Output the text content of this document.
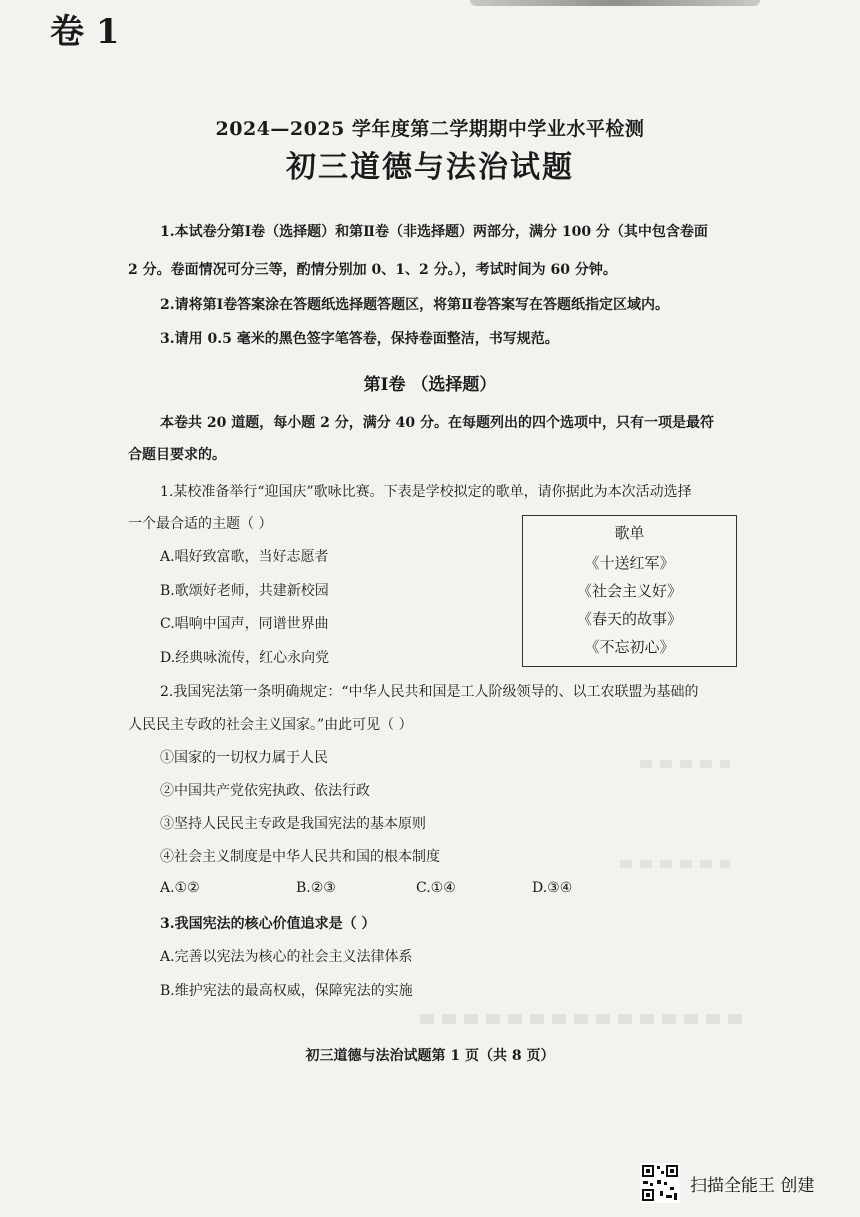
卷 1
2024—2025 学年度第二学期期中学业水平检测
初三道德与法治试题
1.本试卷分第Ⅰ卷（选择题）和第Ⅱ卷（非选择题）两部分，满分 100 分（其中包含卷面
2 分。卷面情况可分三等，酌情分别加 0、1、2 分。），考试时间为 60 分钟。
2.请将第Ⅰ卷答案涂在答题纸选择题答题区，将第Ⅱ卷答案写在答题纸指定区域内。
3.请用 0.5 毫米的黑色签字笔答卷，保持卷面整洁，书写规范。
第Ⅰ卷 （选择题）
本卷共 20 道题，每小题 2 分，满分 40 分。在每题列出的四个选项中，只有一项是最符
合题目要求的。
1.某校准备举行“迎国庆”歌咏比赛。下表是学校拟定的歌单，请你据此为本次活动选择
一个最合适的主题（ ）
A.唱好致富歌，当好志愿者
B.歌颂好老师，共建新校园
C.唱响中国声，同谱世界曲
D.经典咏流传，红心永向党
歌单
《十送红军》
《社会主义好》
《春天的故事》
《不忘初心》
2.我国宪法第一条明确规定：“中华人民共和国是工人阶级领导的、以工农联盟为基础的
人民民主专政的社会主义国家。”由此可见（ ）
①国家的一切权力属于人民
②中国共产党依宪执政、依法行政
③坚持人民民主专政是我国宪法的基本原则
④社会主义制度是中华人民共和国的根本制度
A.①②	B.②③	C.①④	D.③④
3.我国宪法的核心价值追求是（ ）
A.完善以宪法为核心的社会主义法律体系
B.维护宪法的最高权威，保障宪法的实施
初三道德与法治试题第 1 页（共 8 页）
扫描全能王 创建
